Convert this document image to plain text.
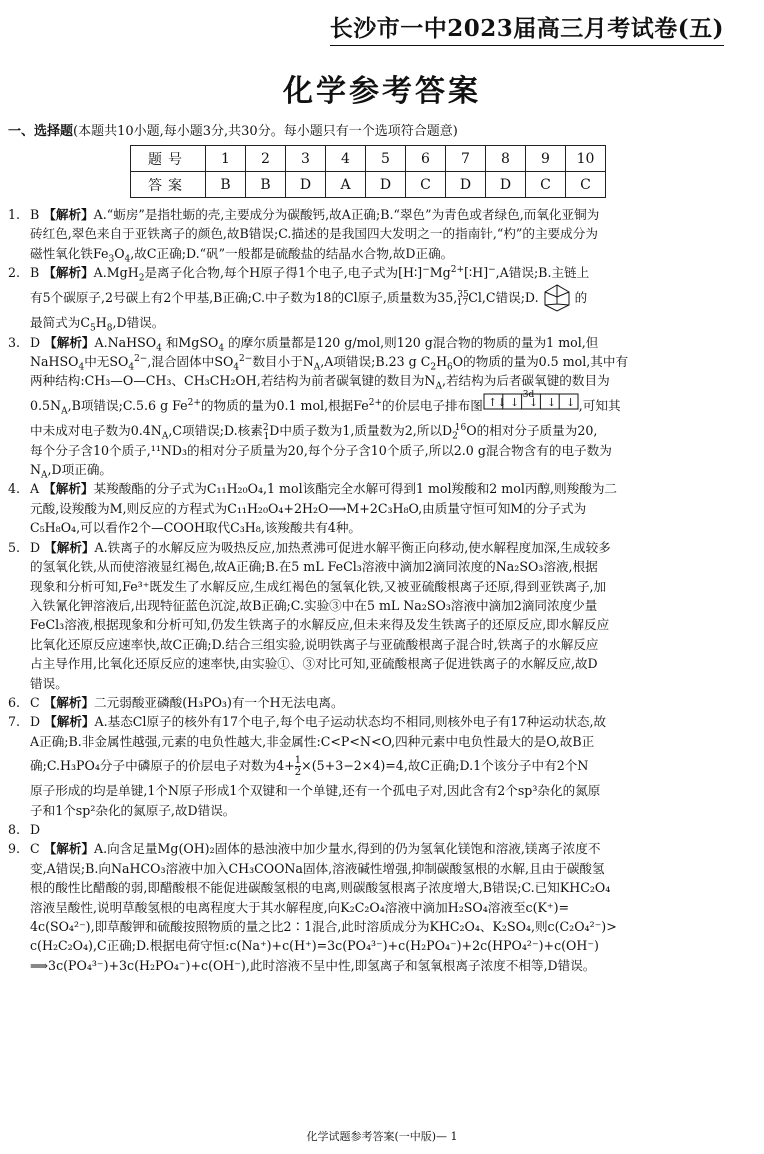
长沙市一中2023届高三月考试卷(五)
化学参考答案
一、选择题(本题共10小题,每小题3分,共30分。每小题只有一个选项符合题意)
题号	1	2	3	4	5	6	7	8	9	10
答案	B	B	D	A	D	C	D	D	C	C
1. B 【解析】A.“蛎房”是指牡蛎的壳,主要成分为碳酸钙,故A正确;B.“翠色”为青色或者绿色,而氧化亚铜为
砖红色,翠色来自于亚铁离子的颜色,故B错误;C.描述的是我国四大发明之一的指南针,“杓”的主要成分为
磁性氧化铁$Fe_3O_4$,故C正确;D.“矾”一般都是硫酸盐的结晶水合物,故D正确。
2. B 【解析】A.MgH$_2$是离子化合物,每个H原子得1个电子,电子式为$[H∶]^-Mg^{2+}[∶H]^-,A$错误;B.主链上
有5个碳原子,2号碳上有2个甲基,B正确;C.中子数为18的Cl原子,质量数为$35,35_{17}Cl,C$错误;D.	的
最简式为$C_5H_8,D$错误。
3. D 【解析】A.NaHSO$_4$ 和MgSO$_4$ 的摩尔质量都是120 g/mol,则120 g混合物的物质的量为1 mol,但
NaHSO$_4$中无$SO_4^{2-}$,混合固体中$SO_4^{2-}$数目小于$N_A,A$项错误;B.23 g $C_2H_6O$的物质的量为0.5 mol,其中有
两种结构:CH₃—O—CH₃、CH₃CH₂OH,若结构为前者碳氧键的数目为$N_A$,若结构为后者碳氧键的数目为
$0.5N_A,B$项错误;C.5.6 g $Fe^{2+}$的物质的量为0.1 mol,根据$Fe^{2+}$的价层电子排布图
3d
↑↓ ↓ ↓ ↓ ↓ ,可知其
中未成对电子数为$0.4N_A,C$项错误;D.核素$^2_1$D中质子数为1,质量数为2,所以$D_2^{16}O$的相对分子质量为20,
每个分子含10个质子,¹¹ND₃的相对分子质量为20,每个分子含10个质子,所以2.0 g混合物含有的电子数为
$N_A,D$项正确。
4. A 【解析】某羧酸酯的分子式为C₁₁H₂₀O₄,1 mol该酯完全水解可得到1 mol羧酸和2 mol丙醇,则羧酸为二
元酸,设羧酸为M,则反应的方程式为C₁₁H₂₀O₄+2H₂O⟶M+2C₃H₈O,由质量守恒可知M的分子式为
C₅H₈O₄,可以看作2个—COOH取代C₃H₈,该羧酸共有4种。
5. D 【解析】A.铁离子的水解反应为吸热反应,加热煮沸可促进水解平衡正向移动,使水解程度加深,生成较多
的氢氧化铁,从而使溶液显红褐色,故A正确;B.在5 mL FeCl₃溶液中滴加2滴同浓度的Na₂SO₃溶液,根据
现象和分析可知,Fe³⁺既发生了水解反应,生成红褐色的氢氧化铁,又被亚硫酸根离子还原,得到亚铁离子,加
入铁氰化钾溶液后,出现特征蓝色沉淀,故B正确;C.实验③中在5 mL Na₂SO₃溶液中滴加2滴同浓度少量
FeCl₃溶液,根据现象和分析可知,仍发生铁离子的水解反应,但未来得及发生铁离子的还原反应,即水解反应
比氧化还原反应速率快,故C正确;D.结合三组实验,说明铁离子与亚硫酸根离子混合时,铁离子的水解反应
占主导作用,比氧化还原反应的速率快,由实验①、③对比可知,亚硫酸根离子促进铁离子的水解反应,故D
错误。
6. C 【解析】二元弱酸亚磷酸(H₃PO₃)有一个H无法电离。
7. D 【解析】A.基态Cl原子的核外有17个电子,每个电子运动状态均不相同,则核外电子有17种运动状态,故
A正确;B.非金属性越强,元素的电负性越大,非金属性:C<P<N<O,四种元素中电负性最大的是O,故B正
确;C.H₃PO₄分子中磷原子的价层电子对数为$4+\frac{1}{2} \times(5+3-2\times 4)=4$,故C正确;D.1个该分子中有2个N
原子形成的均是单键,1个N原子形成1个双键和一个单键,还有一个孤电子对,因此含有2个sp³杂化的氮原
子和1个sp²杂化的氮原子,故D错误。
8. D
9. C 【解析】A.向含足量Mg(OH)₂固体的悬浊液中加少量水,得到的仍为氢氧化镁饱和溶液,镁离子浓度不
变,A错误;B.向NaHCO₃溶液中加入CH₃COONa固体,溶液碱性增强,抑制碳酸氢根的水解,且由于碳酸氢
根的酸性比醋酸的弱,即醋酸根不能促进碳酸氢根的电离,则碳酸氢根离子浓度增大,B错误;C.已知KHC₂O₄
溶液呈酸性,说明草酸氢根的电离程度大于其水解程度,向K₂C₂O₄溶液中滴加H₂SO₄溶液至c(K⁺)=
4c(SO₄²⁻),即草酸钾和硫酸按照物质的量之比2∶1混合,此时溶质成分为KHC₂O₄、K₂SO₄,则c(C₂O₄²⁻)>
c(H₂C₂O₄),C正确;D.根据电荷守恒:c(Na⁺)+c(H⁺)=3c(PO₄³⁻)+c(H₂PO₄⁻)+2c(HPO₄²⁻)+c(OH⁻)
⟹3c(PO₄³⁻)+3c(H₂PO₄⁻)+c(OH⁻),此时溶液不呈中性,即氢离子和氢氧根离子浓度不相等,D错误。
化学试题参考答案(一中版)— 1
